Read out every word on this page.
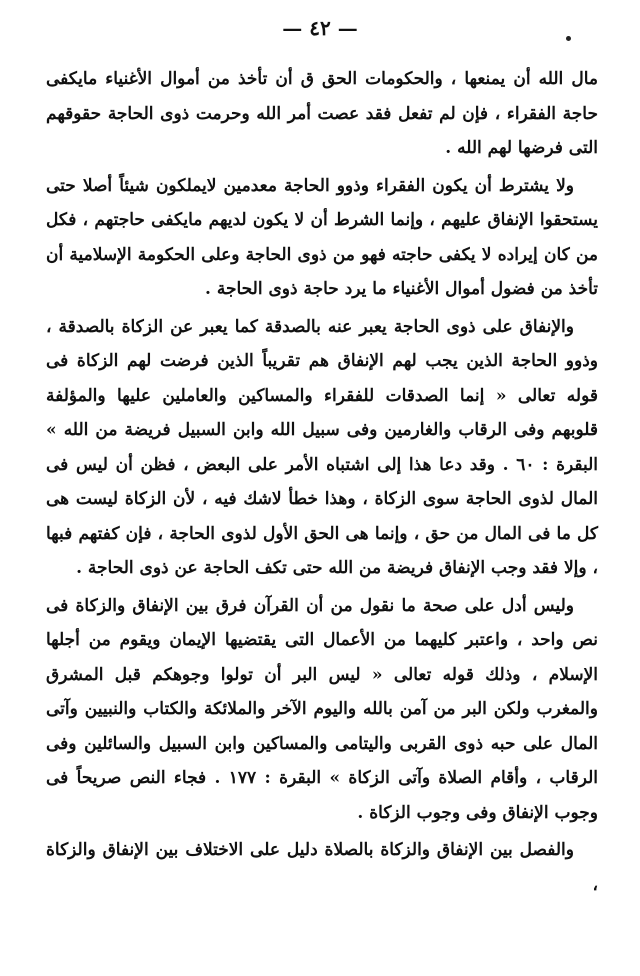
— ٤٢ —

مال الله أن يمنعها ، والحكومات الحق ق أن تأخذ من أموال الأغنياء مايكفى حاجة الفقراء ، فإن لم تفعل فقد عصت أمر الله وحرمت ذوى الحاجة حقوقهم التى فرضها لهم الله .

ولا يشترط أن يكون الفقراء وذوو الحاجة معدمين لايملكون شيئاً أصلا حتى يستحقوا الإنفاق عليهم ، وإنما الشرط أن لا يكون لديهم مايكفى حاجتهم ، فكل من كان إيراده لا يكفى حاجته فهو من ذوى الحاجة وعلى الحكومة الإسلامية أن تأخذ من فضول أموال الأغنياء ما يرد حاجة ذوى الحاجة .

والإنفاق على ذوى الحاجة يعبر عنه بالصدقة كما يعبر عن الزكاة بالصدقة ، وذوو الحاجة الذين يجب لهم الإنفاق هم تقريباً الذين فرضت لهم الزكاة فى قوله تعالى « إنما الصدقات للفقراء والمساكين والعاملين عليها والمؤلفة قلوبهم وفى الرقاب والغارمين وفى سبيل الله وابن السبيل فريضة من الله » البقرة : ٦٠ . وقد دعا هذا إلى اشتباه الأمر على البعض ، فظن أن ليس فى المال لذوى الحاجة سوى الزكاة ، وهذا خطأ لاشك فيه ، لأن الزكاة ليست هى كل ما فى المال من حق ، وإنما هى الحق الأول لذوى الحاجة ، فإن كفتهم فبها ، وإلا فقد وجب الإنفاق فريضة من الله حتى تكف الحاجة عن ذوى الحاجة .

وليس أدل على صحة ما نقول من أن القرآن فرق بين الإنفاق والزكاة فى نص واحد ، واعتبر كليهما من الأعمال التى يقتضيها الإيمان ويقوم من أجلها الإسلام ، وذلك قوله تعالى « ليس البر أن تولوا وجوهكم قبل المشرق والمغرب ولكن البر من آمن بالله واليوم الآخر والملائكة والكتاب والنبيين وآتى المال على حبه ذوى القربى واليتامى والمساكين وابن السبيل والسائلين وفى الرقاب ، وأقام الصلاة وآتى الزكاة » البقرة : ١٧٧ . فجاء النص صريحاً فى وجوب الإنفاق وفى وجوب الزكاة .

والفصل بين الإنفاق والزكاة بالصلاة دليل على الاختلاف بين الإنفاق والزكاة ،
